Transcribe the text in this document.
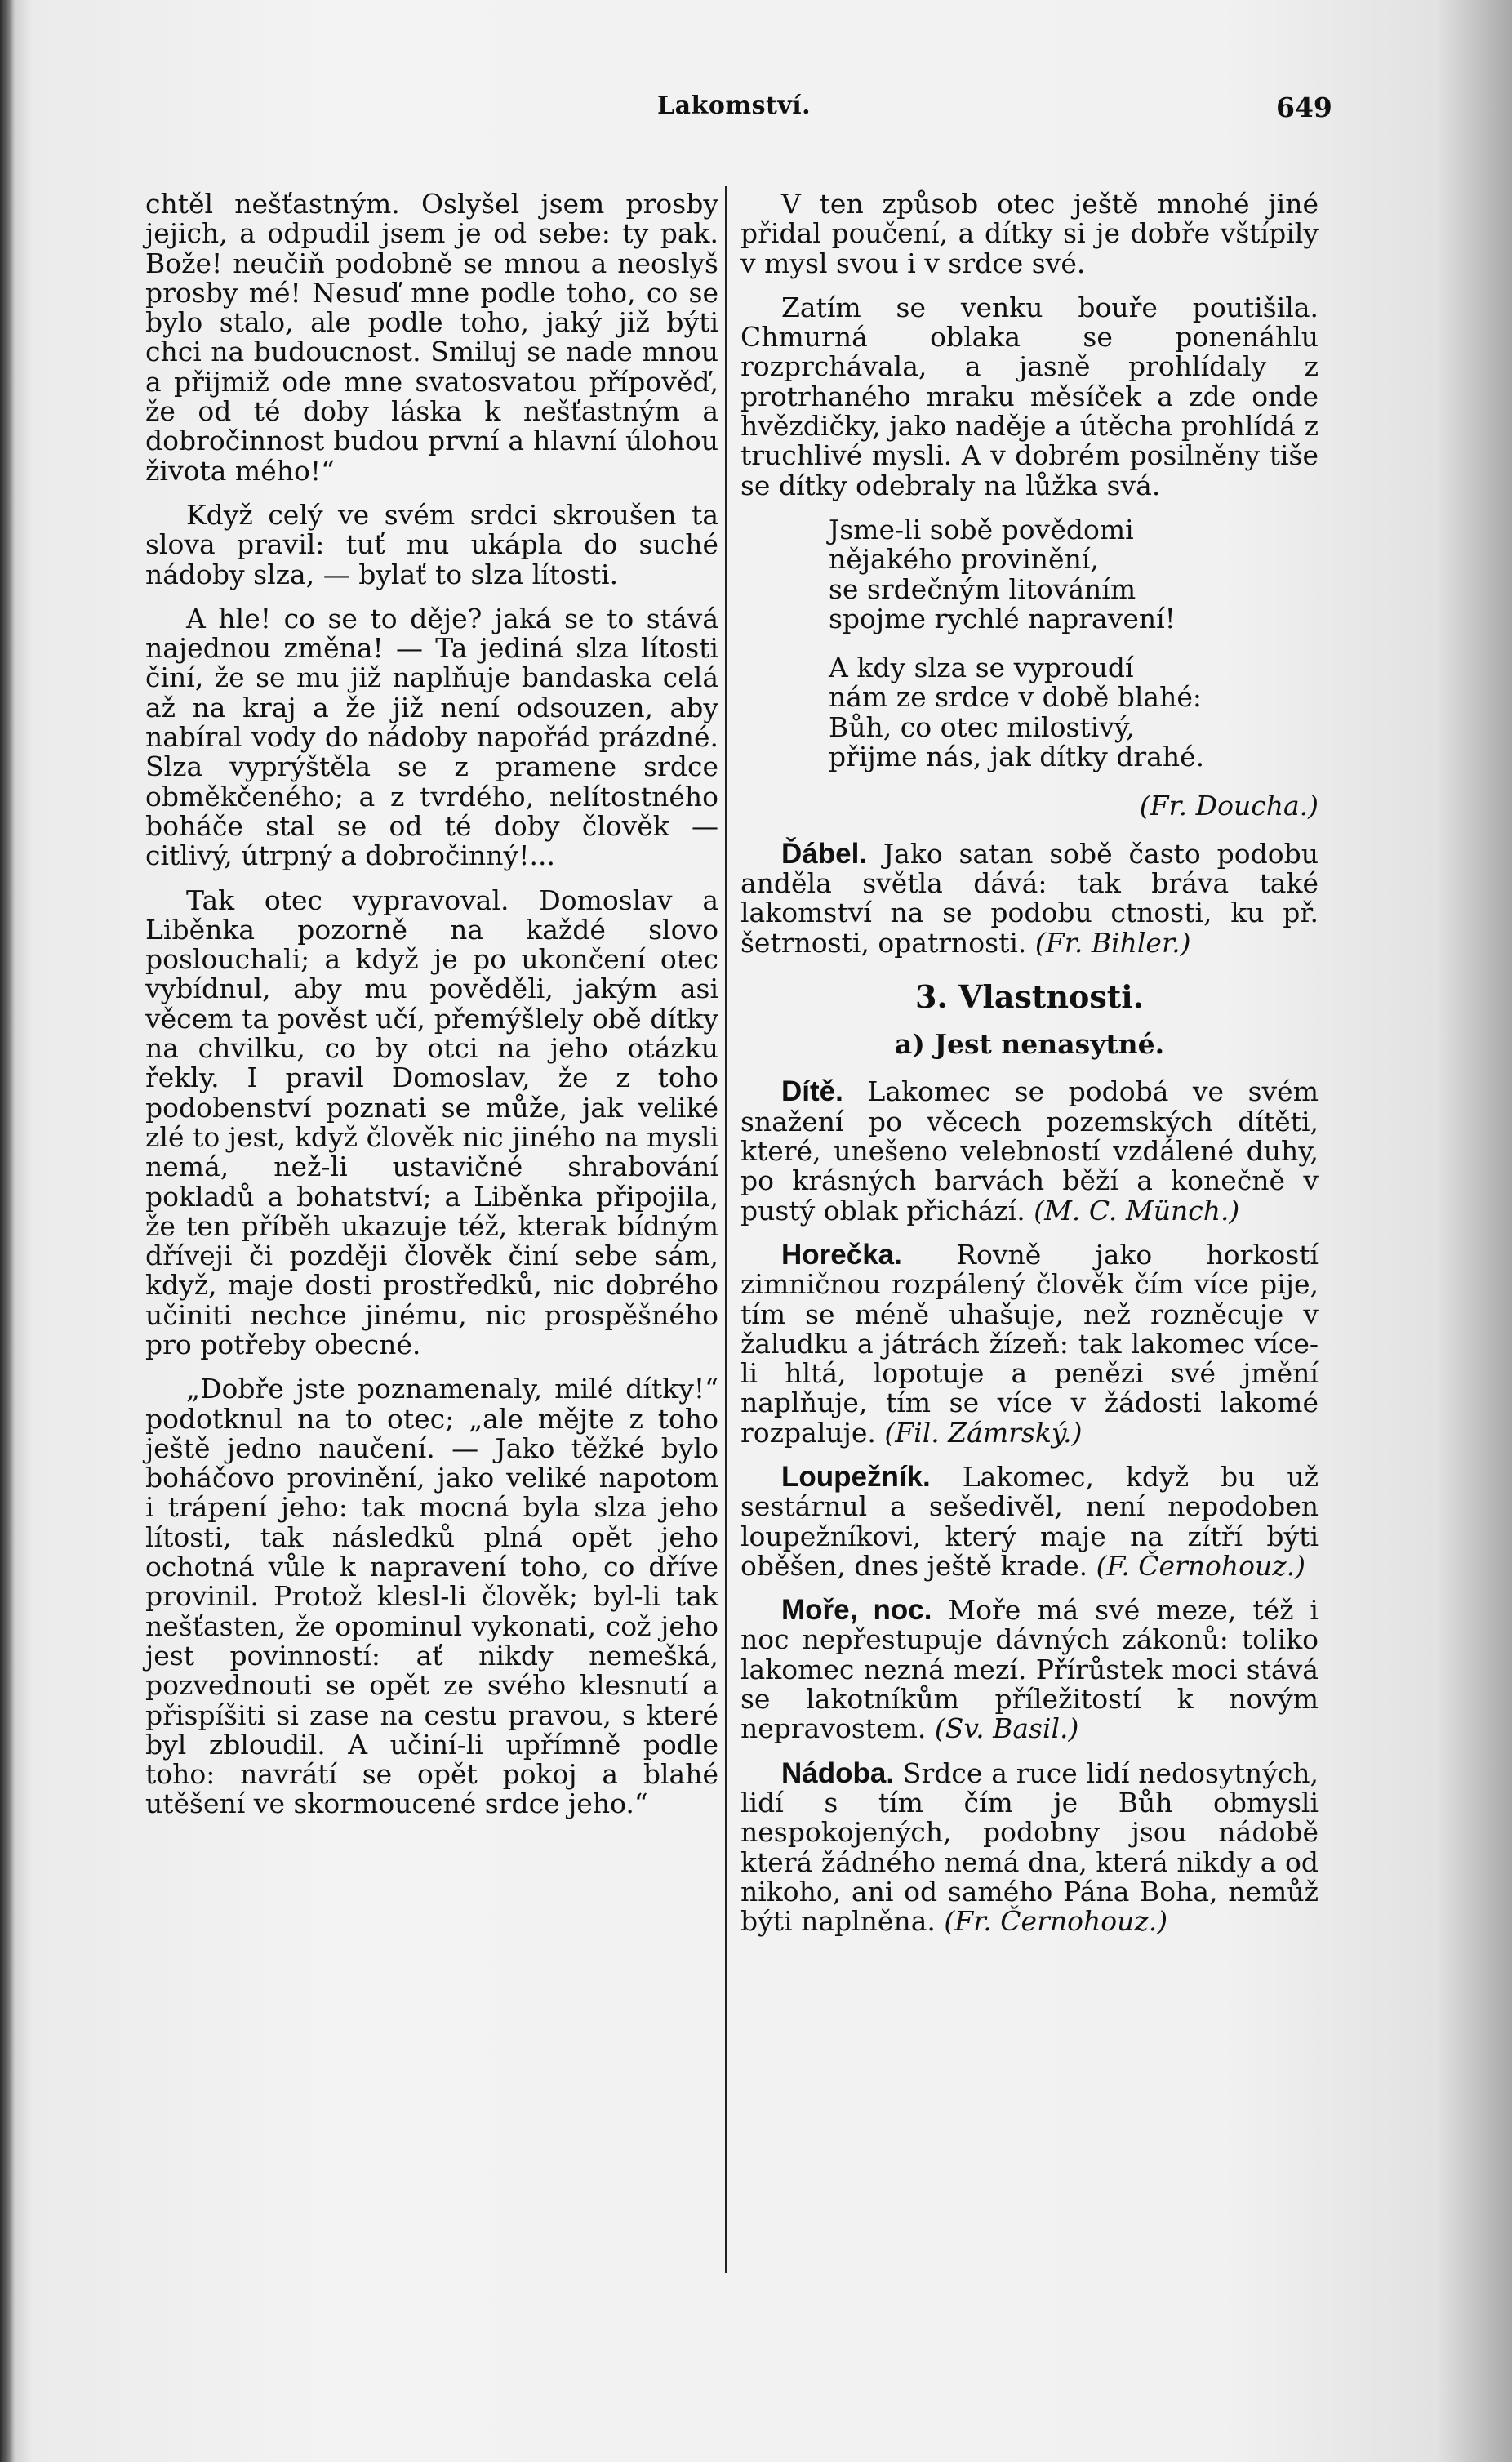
Lakomství.	649

chtěl nešťastným. Oslyšel jsem prosby jejich, a odpudil jsem je od sebe: ty pak. Bože! neučiň podobně se mnou a neoslyš prosby mé! Nesuď mne podle toho, co se bylo stalo, ale podle toho, jaký již býti chci na budoucnost. Smiluj se nade mnou a přijmiž ode mne svatosvatou přípověď, že od té doby láska k nešťastným a dobročinnost budou první a hlavní úlohou života mého!“

Když celý ve svém srdci skroušen ta slova pravil: tuť mu ukápla do suché nádoby slza, — bylať to slza lítosti.

A hle! co se to děje? jaká se to stává najednou změna! — Ta jediná slza lítosti činí, že se mu již naplňuje bandaska celá až na kraj a že již není odsouzen, aby nabíral vody do nádoby napořád prázdné. Slza vyprýštěla se z pramene srdce obměkčeného; a z tvrdého, nelítostného boháče stal se od té doby člověk — citlivý, útrpný a dobročinný!...

Tak otec vypravoval. Domoslav a Liběnka pozorně na každé slovo poslouchali; a když je po ukončení otec vybídnul, aby mu pověděli, jakým asi věcem ta pověst učí, přemýšlely obě dítky na chvilku, co by otci na jeho otázku řekly. I pravil Domoslav, že z toho podobenství poznati se může, jak veliké zlé to jest, když člověk nic jiného na mysli nemá, než-li ustavičné shrabování pokladů a bohatství; a Liběnka připojila, že ten příběh ukazuje též, kterak bídným dříveji či později člověk činí sebe sám, když, maje dosti prostředků, nic dobrého učiniti nechce jinému, nic prospěšného pro potřeby obecné.

„Dobře jste poznamenaly, milé dítky!“ podotknul na to otec; „ale mějte z toho ještě jedno naučení. — Jako těžké bylo boháčovo provinění, jako veliké napotom i trápení jeho: tak mocná byla slza jeho lítosti, tak následků plná opět jeho ochotná vůle k napravení toho, co dříve provinil. Protož klesl-li člověk; byl-li tak nešťasten, že opominul vykonati, což jeho jest povinností: ať nikdy nemešká, pozvednouti se opět ze svého klesnutí a přispíšiti si zase na cestu pravou, s které byl zbloudil. A učiní-li upřímně podle toho: navrátí se opět pokoj a blahé utěšení ve skormoucené srdce jeho.“

V ten způsob otec ještě mnohé jiné přidal poučení, a dítky si je dobře vštípily v mysl svou i v srdce své.

Zatím se venku bouře poutišila. Chmurná oblaka se ponenáhlu rozprchávala, a jasně prohlídaly z protrhaného mraku měsíček a zde onde hvězdičky, jako naděje a útěcha prohlídá z truchlivé mysli. A v dobrém posilněny tiše se dítky odebraly na lůžka svá.

Jsme-li sobě povědomi
nějakého provinění,
se srdečným litováním
spojme rychlé napravení!
A kdy slza se vyproudí
nám ze srdce v době blahé:
Bůh, co otec milostivý,
přijme nás, jak dítky drahé.
(Fr. Doucha.)

Ďábel. Jako satan sobě často podobu anděla světla dává: tak bráva také lakomství na se podobu ctnosti, ku př. šetrnosti, opatrnosti. (Fr. Bihler.)

3. Vlastnosti.
a) Jest nenasytné.

Dítě. Lakomec se podobá ve svém snažení po věcech pozemských dítěti, které, unešeno velebností vzdálené duhy, po krásných barvách běží a konečně v pustý oblak přichází. (M. C. Münch.)

Horečka. Rovně jako horkostí zimničnou rozpálený člověk čím více pije, tím se méně uhašuje, než rozněcuje v žaludku a játrách žízeň: tak lakomec více-li hltá, lopotuje a penězi své jmění naplňuje, tím se více v žádosti lakomé rozpaluje. (Fil. Zámrský.)

Loupežník. Lakomec, když bu už sestárnul a sešedivěl, není nepodoben loupežníkovi, který maje na zítří býti oběšen, dnes ještě krade. (F. Černohouz.)

Moře, noc. Moře má své meze, též i noc nepřestupuje dávných zákonů: toliko lakomec nezná mezí. Přírůstek moci stává se lakotníkům příležitostí k novým nepravostem. (Sv. Basil.)

Nádoba. Srdce a ruce lidí nedosytných, lidí s tím čím je Bůh obmysli nespokojených, podobny jsou nádobě která žádného nemá dna, která nikdy a od nikoho, ani od samého Pána Boha, nemůž býti naplněna. (Fr. Černohouz.)
